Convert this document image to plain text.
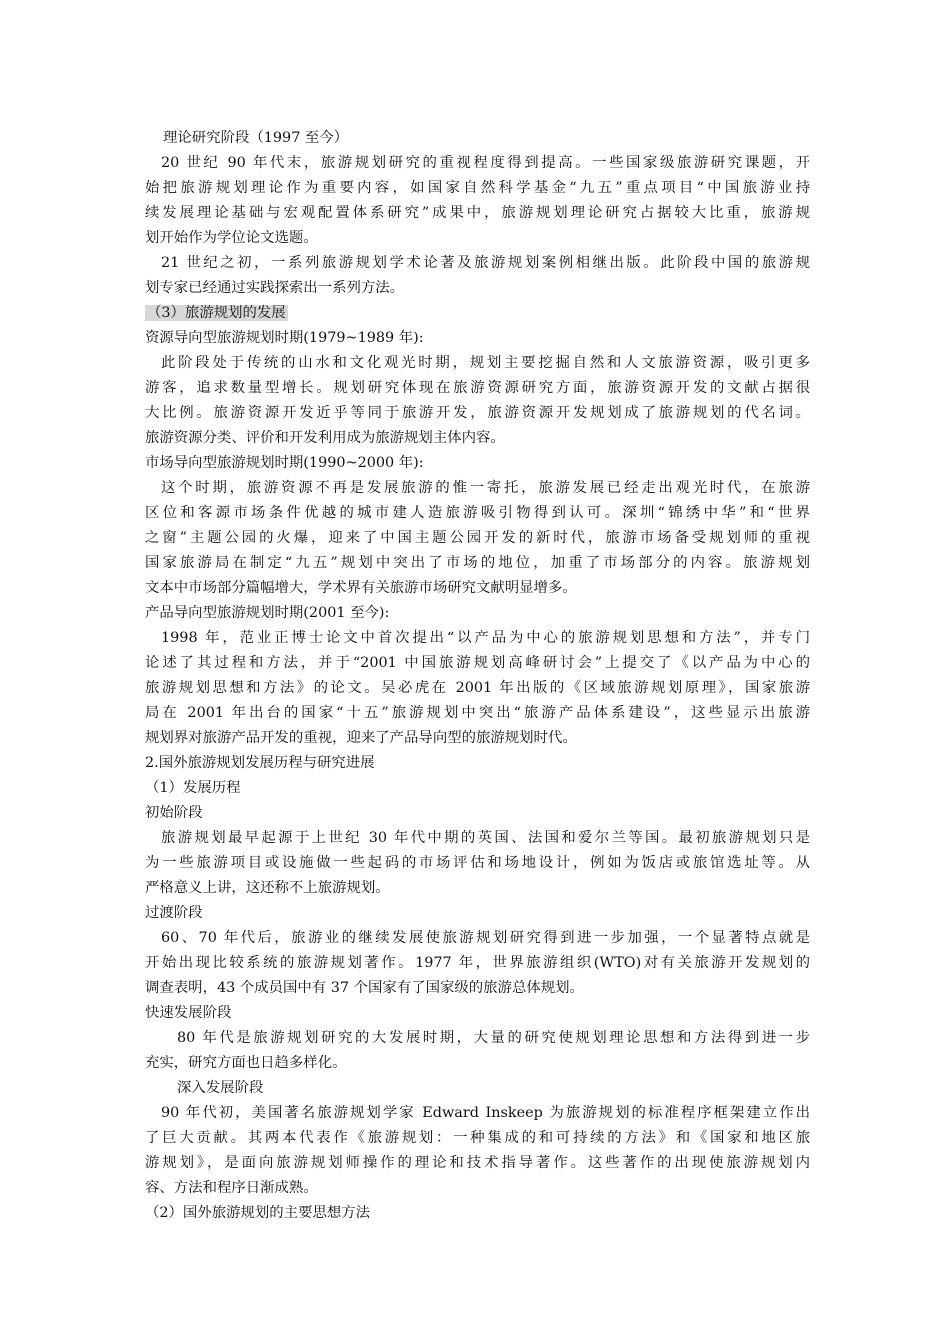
理论研究阶段（1997 至今）
20 世纪 90 年代末，旅游规划研究的重视程度得到提高。一些国家级旅游研究课题，开
始把旅游规划理论作为重要内容，如国家自然科学基金“九五”重点项目“中国旅游业持
续发展理论基础与宏观配置体系研究”成果中，旅游规划理论研究占据较大比重，旅游规
划开始作为学位论文选题。
21 世纪之初，一系列旅游规划学术论著及旅游规划案例相继出版。此阶段中国的旅游规
划专家已经通过实践探索出一系列方法。
（3）旅游规划的发展
资源导向型旅游规划时期(1979~1989 年):
此阶段处于传统的山水和文化观光时期，规划主要挖掘自然和人文旅游资源，吸引更多
游客，追求数量型增长。规划研究体现在旅游资源研究方面，旅游资源开发的文献占据很
大比例。旅游资源开发近乎等同于旅游开发，旅游资源开发规划成了旅游规划的代名词。
旅游资源分类、评价和开发利用成为旅游规划主体内容。
市场导向型旅游规划时期(1990~2000 年):
这个时期，旅游资源不再是发展旅游的惟一寄托，旅游发展已经走出观光时代，在旅游
区位和客源市场条件优越的城市建人造旅游吸引物得到认可。深圳“锦绣中华”和“世界
之窗”主题公园的火爆，迎来了中国主题公园开发的新时代，旅游市场备受规划师的重视
国家旅游局在制定“九五”规划中突出了市场的地位，加重了市场部分的内容。旅游规划
文本中市场部分篇幅增大，学术界有关旅游市场研究文献明显增多。
产品导向型旅游规划时期(2001 至今):
1998 年，范业正博士论文中首次提出“以产品为中心的旅游规划思想和方法”，并专门
论述了其过程和方法，并于“2001 中国旅游规划高峰研讨会”上提交了《以产品为中心的
旅游规划思想和方法》的论文。吴必虎在 2001 年出版的《区域旅游规划原理》，国家旅游
局在 2001 年出台的国家“十五”旅游规划中突出“旅游产品体系建设”，这些显示出旅游
规划界对旅游产品开发的重视，迎来了产品导向型的旅游规划时代。
2.国外旅游规划发展历程与研究进展
（1）发展历程
初始阶段
旅游规划最早起源于上世纪 30 年代中期的英国、法国和爱尔兰等国。最初旅游规划只是
为一些旅游项目或设施做一些起码的市场评估和场地设计，例如为饭店或旅馆选址等。从
严格意义上讲，这还称不上旅游规划。
过渡阶段
60、70 年代后，旅游业的继续发展使旅游规划研究得到进一步加强，一个显著特点就是
开始出现比较系统的旅游规划著作。1977 年，世界旅游组织(WTO)对有关旅游开发规划的
调查表明，43 个成员国中有 37 个国家有了国家级的旅游总体规划。
快速发展阶段
80 年代是旅游规划研究的大发展时期，大量的研究使规划理论思想和方法得到进一步
充实，研究方面也日趋多样化。
深入发展阶段
90 年代初，美国著名旅游规划学家 Edward Inskeep 为旅游规划的标准程序框架建立作出
了巨大贡献。其两本代表作《旅游规划：一种集成的和可持续的方法》和《国家和地区旅
游规划》，是面向旅游规划师操作的理论和技术指导著作。这些著作的出现使旅游规划内
容、方法和程序日渐成熟。
（2）国外旅游规划的主要思想方法
